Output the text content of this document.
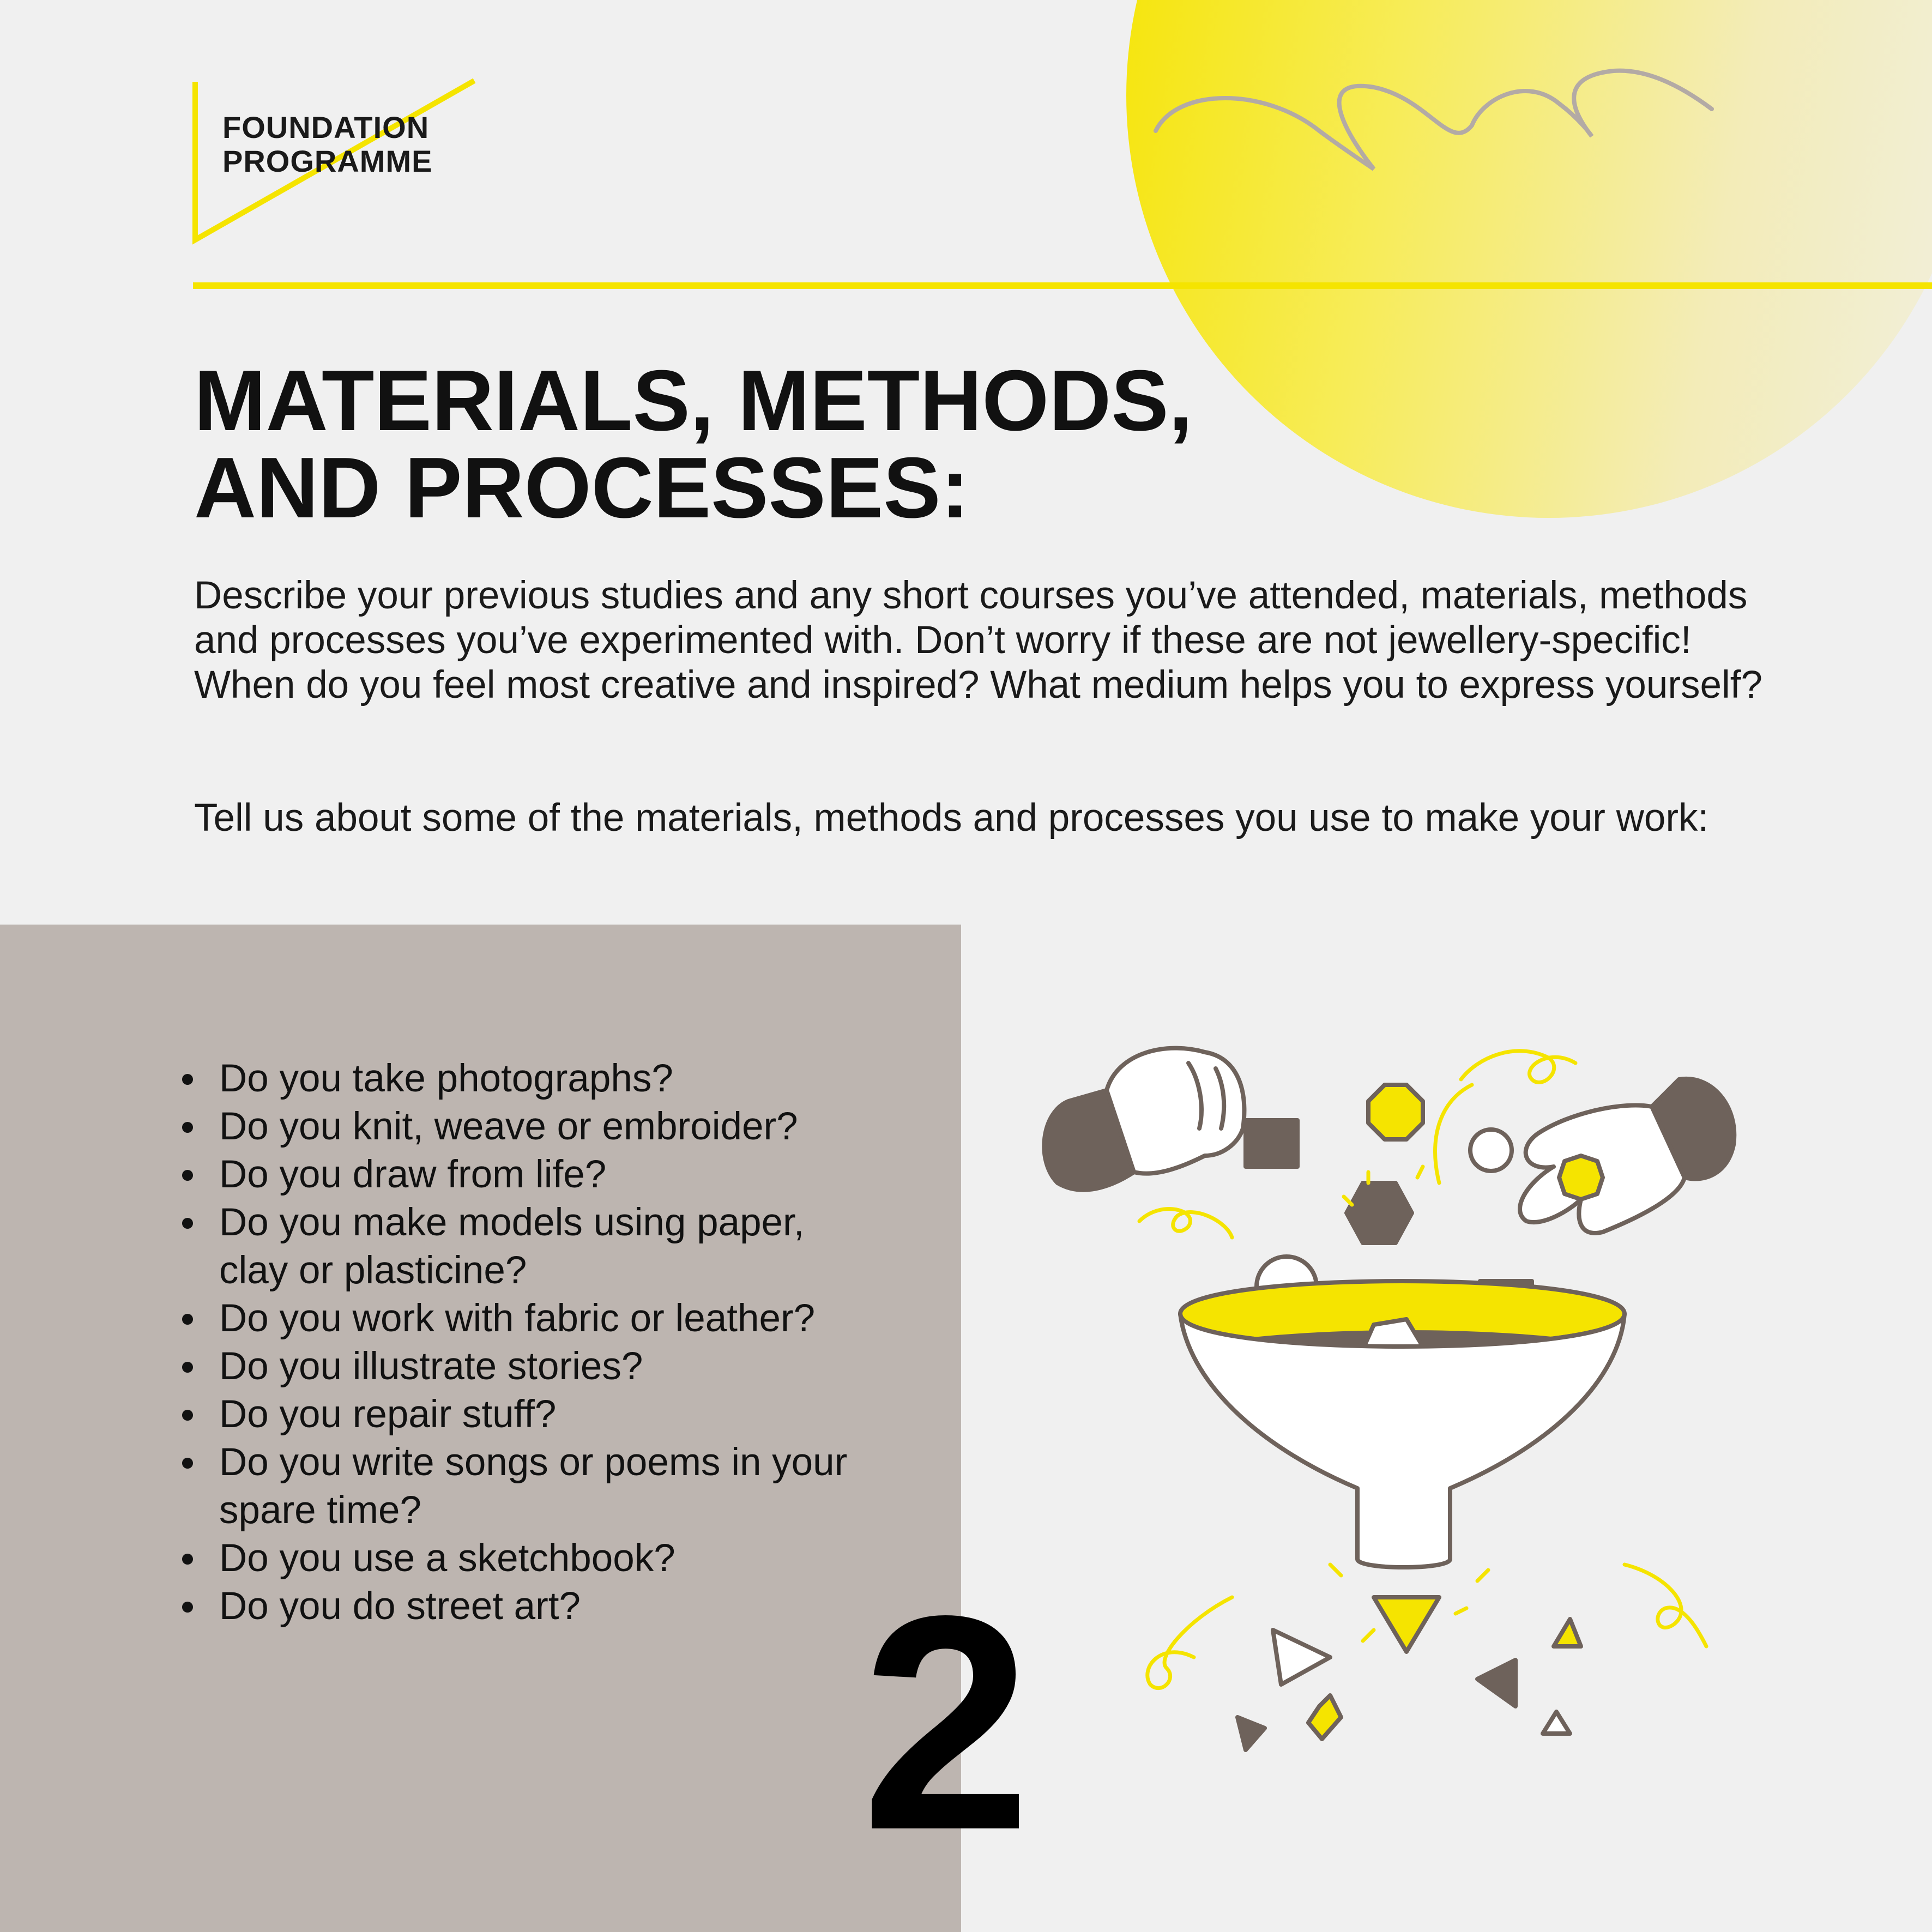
FOUNDATION
PROGRAMME
MATERIALS, METHODS,
AND PROCESSES:
Describe your previous studies and any short courses you’ve attended, materials, methods and processes you’ve experimented with. Don’t worry if these are not jewellery-specific! When do you feel most creative and inspired? What medium helps you to express yourself?
Tell us about some of the materials, methods and processes you use to make your work:
Do you take photographs?
Do you knit, weave or embroider?
Do you draw from life?
Do you make models using paper, clay or plasticine?
Do you work with fabric or leather?
Do you illustrate stories?
Do you repair stuff?
Do you write songs or poems in your spare time?
Do you use a sketchbook?
Do you do street art? 2
